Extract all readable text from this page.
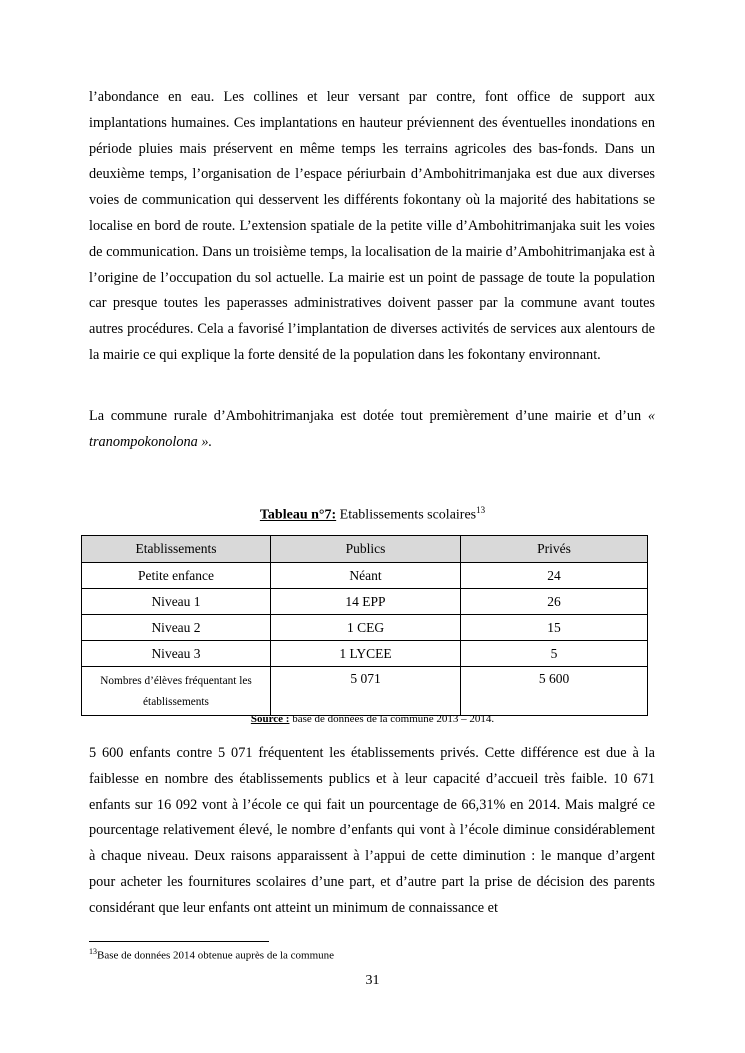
l’abondance en eau. Les collines et leur versant par contre, font office de support aux implantations humaines. Ces implantations en hauteur préviennent des éventuelles inondations en période pluies mais préservent en même temps les terrains agricoles des bas-fonds. Dans un deuxième temps, l’organisation de l’espace périurbain d’Ambohitrimanjaka est due aux diverses voies de communication qui desservent les différents fokontany où la majorité des habitations se localise en bord de route. L’extension spatiale de la petite ville d’Ambohitrimanjaka suit les voies de communication. Dans un troisième temps, la localisation de la mairie d’Ambohitrimanjaka est à l’origine de l’occupation du sol actuelle. La mairie est un point de passage de toute la population car presque toutes les paperasses administratives doivent passer par la commune avant toutes autres procédures. Cela a favorisé l’implantation de diverses activités de services aux alentours de la mairie ce qui explique la forte densité de la population dans les fokontany environnant.

La commune rurale d’Ambohitrimanjaka est dotée tout premièrement d’une mairie et d’un « tranompokonolona ».

Tableau n°7: Etablissements scolaires$^{13}$
Etablissements	Publics	Privés
Petite enfance	Néant	24
Niveau 1	14 EPP	26
Niveau 2	1 CEG	15
Niveau 3	1 LYCEE	5
Nombres d’élèves fréquentant les établissements	5 071	5 600
Source : base de données de la commune 2013 – 2014.

5 600 enfants contre 5 071 fréquentent les établissements privés. Cette différence est due à la faiblesse en nombre des établissements publics et à leur capacité d’accueil très faible. 10 671 enfants sur 16 092 vont à l’école ce qui fait un pourcentage de 66,31% en 2014. Mais malgré ce pourcentage relativement élevé, le nombre d’enfants qui vont à l’école diminue considérablement à chaque niveau. Deux raisons apparaissent à l’appui de cette diminution : le manque d’argent pour acheter les fournitures scolaires d’une part, et d’autre part la prise de décision des parents considérant que leur enfants ont atteint un minimum de connaissance et

$^{13}$Base de données 2014 obtenue auprès de la commune
31
